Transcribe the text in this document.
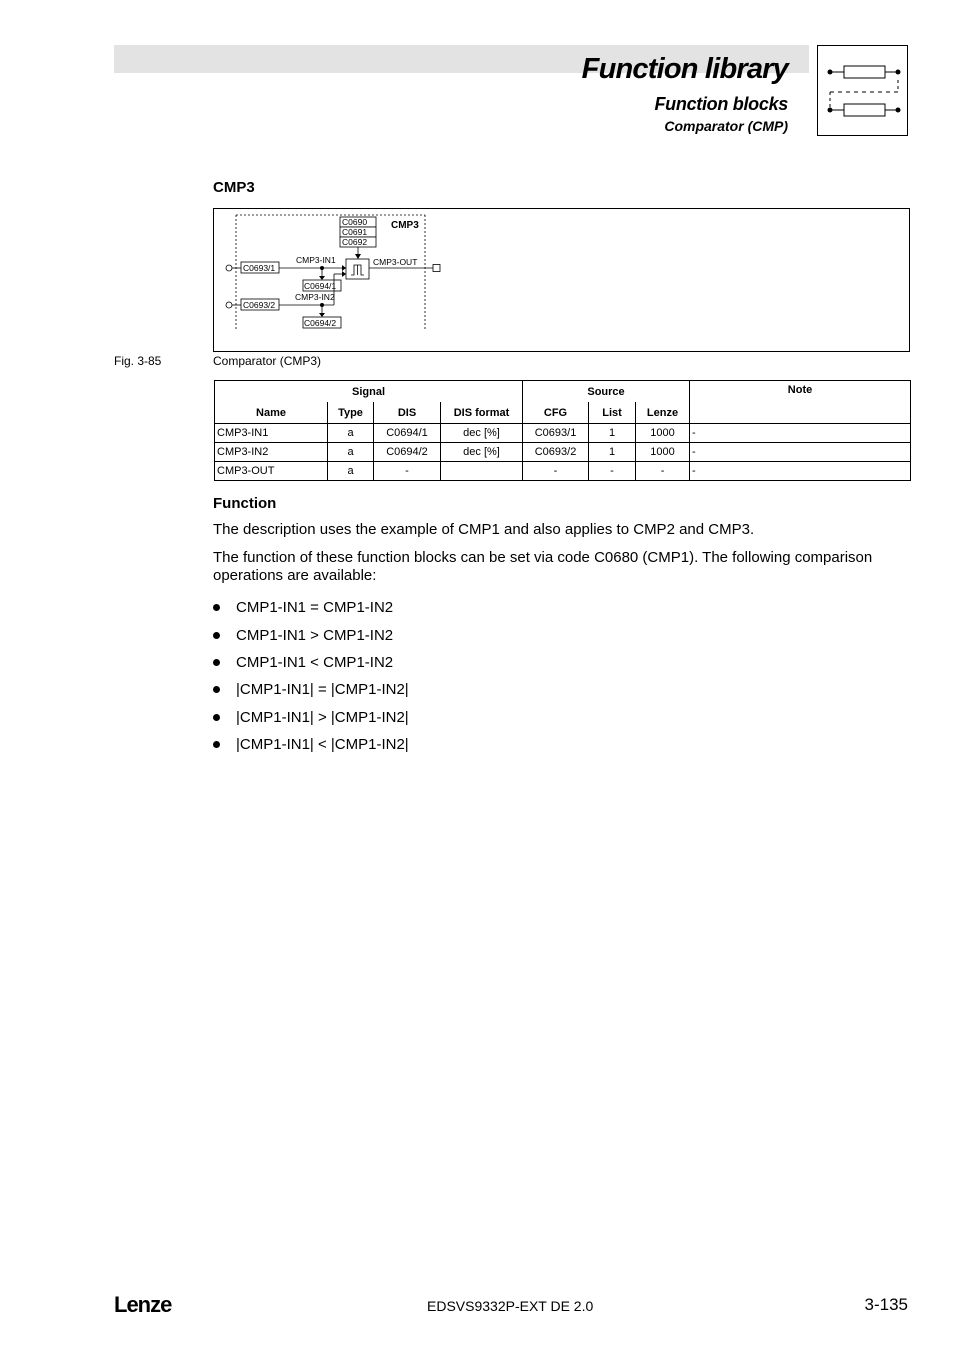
Function library
Function blocks
Comparator (CMP)
CMP3
C0690
C0691
C0692
CMP3
C0693/1
CMP3-IN1
C0694/1
C0693/2
CMP3-IN2
C0694/2
CMP3-OUT
Fig. 3-85	Comparator (CMP3)
Signal				Source			Note
Name	Type	DIS	DIS format	CFG	List	Lenze	
CMP3-IN1	a	C0694/1	dec [%]	C0693/1	1	1000	-
CMP3-IN2	a	C0694/2	dec [%]	C0693/2	1	1000	-
CMP3-OUT	a	-		-	-	-	-
Function
The description uses the example of CMP1 and also applies to CMP2 and CMP3.
The function of these function blocks can be set via code C0680 (CMP1). The following comparison operations are available:
CMP1-IN1 = CMP1-IN2
CMP1-IN1 > CMP1-IN2
CMP1-IN1 < CMP1-IN2
|CMP1-IN1| = |CMP1-IN2|
|CMP1-IN1| > |CMP1-IN2|
|CMP1-IN1| < |CMP1-IN2|
Lenze	EDSVS9332P-EXT DE 2.0	3-135
